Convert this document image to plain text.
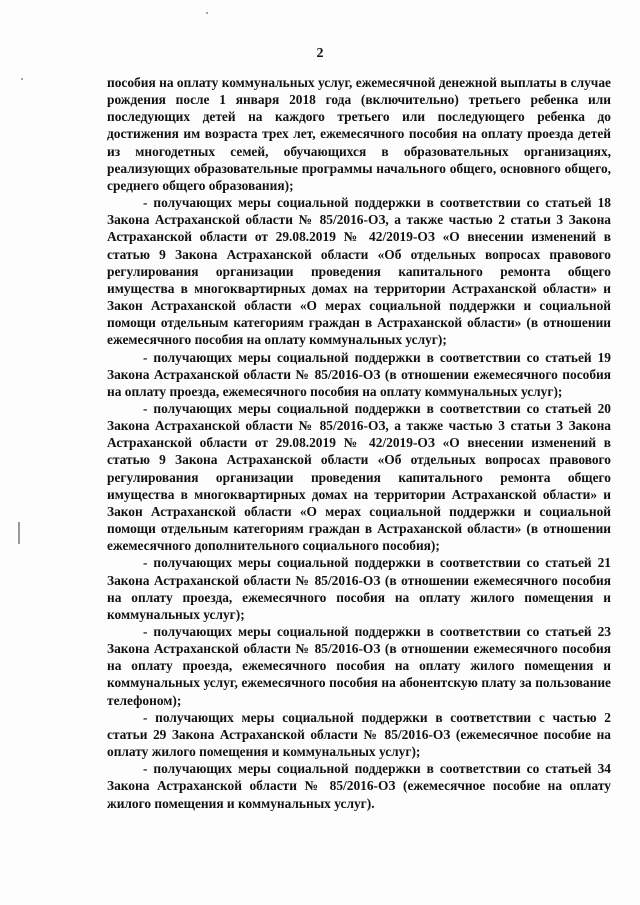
2

пособия на оплату коммунальных услуг, ежемесячной денежной выплаты в случае рождения после 1 января 2018 года (включительно) третьего ребенка или последующих детей на каждого третьего или последующего ребенка до достижения им возраста трех лет, ежемесячного пособия на оплату проезда детей из многодетных семей, обучающихся в образовательных организациях, реализующих образовательные программы начального общего, основного общего, среднего общего образования);

- получающих меры социальной поддержки в соответствии со статьей 18 Закона Астраханской области № 85/2016-ОЗ, а также частью 2 статьи 3 Закона Астраханской области от 29.08.2019 № 42/2019-ОЗ «О внесении изменений в статью 9 Закона Астраханской области «Об отдельных вопросах правового регулирования организации проведения капитального ремонта общего имущества в многоквартирных домах на территории Астраханской области» и Закон Астраханской области «О мерах социальной поддержки и социальной помощи отдельным категориям граждан в Астраханской области» (в отношении ежемесячного пособия на оплату коммунальных услуг);

- получающих меры социальной поддержки в соответствии со статьей 19 Закона Астраханской области № 85/2016-ОЗ (в отношении ежемесячного пособия на оплату проезда, ежемесячного пособия на оплату коммунальных услуг);

- получающих меры социальной поддержки в соответствии со статьей 20 Закона Астраханской области № 85/2016-ОЗ, а также частью 3 статьи 3 Закона Астраханской области от 29.08.2019 № 42/2019-ОЗ «О внесении изменений в статью 9 Закона Астраханской области «Об отдельных вопросах правового регулирования организации проведения капитального ремонта общего имущества в многоквартирных домах на территории Астраханской области» и Закон Астраханской области «О мерах социальной поддержки и социальной помощи отдельным категориям граждан в Астраханской области» (в отношении ежемесячного дополнительного социального пособия);

- получающих меры социальной поддержки в соответствии со статьей 21 Закона Астраханской области № 85/2016-ОЗ (в отношении ежемесячного пособия на оплату проезда, ежемесячного пособия на оплату жилого помещения и коммунальных услуг);

- получающих меры социальной поддержки в соответствии со статьей 23 Закона Астраханской области № 85/2016-ОЗ (в отношении ежемесячного пособия на оплату проезда, ежемесячного пособия на оплату жилого помещения и коммунальных услуг, ежемесячного пособия на абонентскую плату за пользование телефоном);

- получающих меры социальной поддержки в соответствии с частью 2 статьи 29 Закона Астраханской области № 85/2016-ОЗ (ежемесячное пособие на оплату жилого помещения и коммунальных услуг);

- получающих меры социальной поддержки в соответствии со статьей 34 Закона Астраханской области № 85/2016-ОЗ (ежемесячное пособие на оплату жилого помещения и коммунальных услуг).
